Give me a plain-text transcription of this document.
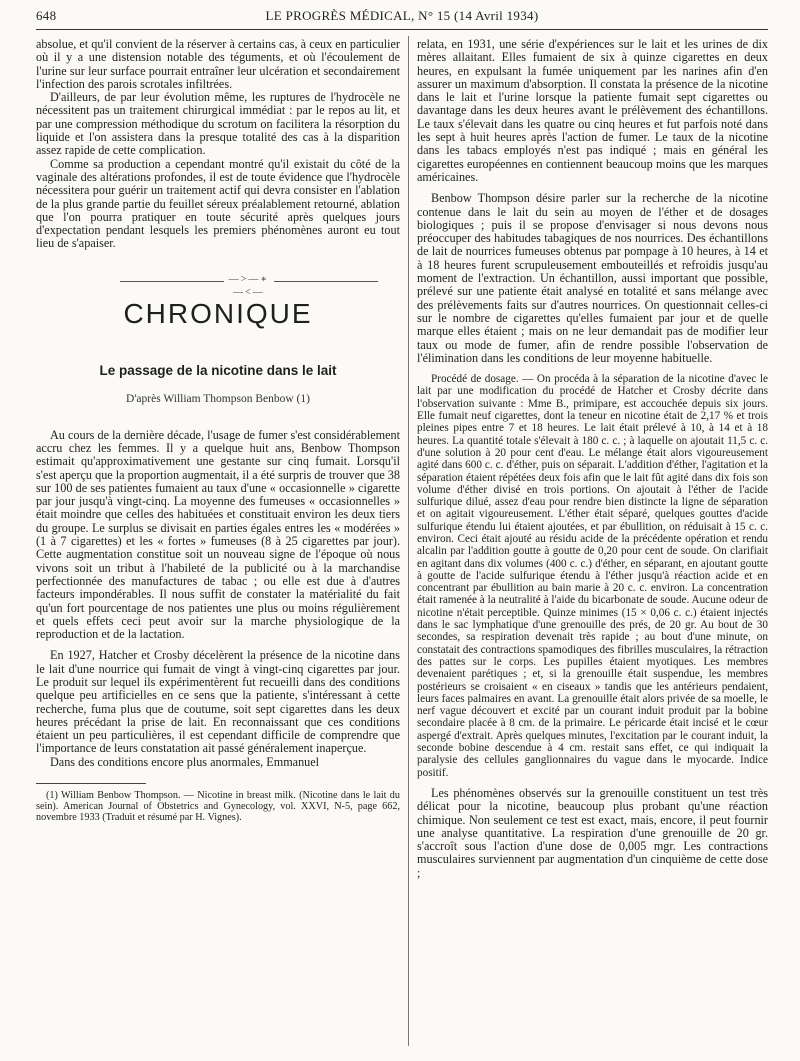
648	LE PROGRÈS MÉDICAL, N° 15 (14 Avril 1934)

absolue, et qu'il convient de la réserver à certains cas, à ceux en particulier où il y a une distension notable des téguments, et où l'écoulement de l'urine sur leur surface pourrait entraîner leur ulcération et secondairement l'infection des parois scrotales infiltrées.

D'ailleurs, de par leur évolution même, les ruptures de l'hydrocèle ne nécessitent pas un traitement chirurgical immédiat : par le repos au lit, et par une compression méthodique du scrotum on facilitera la résorption du liquide et l'on assistera dans la presque totalité des cas à la disparition assez rapide de cette complication.

Comme sa production a cependant montré qu'il existait du côté de la vaginale des altérations profondes, il est de toute évidence que l'hydrocèle nécessitera pour guérir un traitement actif qui devra consister en l'ablation de la plus grande partie du feuillet séreux préalablement retourné, ablation que l'on pourra pratiquer en toute sécurité après quelques jours d'expectation pendant lesquels les premiers phénomènes auront eu tout lieu de s'apaiser.

—>—∗—<—

CHRONIQUE

Le passage de la nicotine dans le lait

D'après William Thompson Benbow (1)

Au cours de la dernière décade, l'usage de fumer s'est considérablement accru chez les femmes. Il y a quelque huit ans, Benbow Thompson estimait qu'approximativement une gestante sur cinq fumait. Lorsqu'il s'est aperçu que la proportion augmentait, il a été surpris de trouver que 38 sur 100 de ses patientes fumaient au taux d'une « occasionnelle » cigarette par jour jusqu'à vingt-cinq. La moyenne des fumeuses « occasionnelles » était moindre que celles des habituées et constituait environ les deux tiers du groupe. Le surplus se divisait en parties égales entres les « modérées » (1 à 7 cigarettes) et les « fortes » fumeuses (8 à 25 cigarettes par jour). Cette augmentation constitue soit un nouveau signe de l'époque où nous vivons soit un tribut à l'habileté de la publicité ou à la marchandise perfectionnée des manufactures de tabac ; ou elle est due à d'autres facteurs impondérables. Il nous suffit de constater la matérialité du fait qu'un fort pourcentage de nos patientes une plus ou moins régulièrement et quels effets ceci peut avoir sur la marche physiologique de la reproduction et de la lactation.

En 1927, Hatcher et Crosby décelèrent la présence de la nicotine dans le lait d'une nourrice qui fumait de vingt à vingt-cinq cigarettes par jour. Le produit sur lequel ils expérimentèrent fut recueilli dans des conditions quelque peu artificielles en ce sens que la patiente, s'intéressant à cette recherche, fuma plus que de coutume, soit sept cigarettes dans les deux heures précédant la prise de lait. En reconnaissant que ces conditions étaient un peu particulières, il est cependant difficile de comprendre que l'importance de leurs constatation ait passé généralement inaperçue.

Dans des conditions encore plus anormales, Emmanuel

(1) William Benbow Thompson. — Nicotine in breast milk. (Nicotine dans le lait du sein). American Journal of Obstetrics and Gynecology, vol. XXVI, N-5, page 662, novembre 1933 (Traduit et résumé par H. Vignes).

relata, en 1931, une série d'expériences sur le lait et les urines de dix mères allaitant. Elles fumaient de six à quinze cigarettes en deux heures, en expulsant la fumée uniquement par les narines afin d'en assurer un maximum d'absorption. Il constata la présence de la nicotine dans le lait et l'urine lorsque la patiente fumait sept cigarettes ou davantage dans les deux heures avant le prélèvement des échantillons. Le taux s'élevait dans les quatre ou cinq heures et fut parfois noté dans les sept à huit heures après l'action de fumer. Le taux de la nicotine dans les tabacs employés n'est pas indiqué ; mais en général les cigarettes européennes en contiennent beaucoup moins que les marques américaines.

Benbow Thompson désire parler sur la recherche de la nicotine contenue dans le lait du sein au moyen de l'éther et de dosages biologiques ; puis il se propose d'envisager si nous devons nous préoccuper des habitudes tabagiques de nos nourrices. Des échantillons de lait de nourrices fumeuses obtenus par pompage à 10 heures, à 14 et à 18 heures furent scrupuleusement embouteillés et refroidis jusqu'au moment de l'extraction. Un échantillon, aussi important que possible, prélevé sur une patiente était analysé en totalité et sans mélange avec des prélèvements faits sur d'autres nourrices. On questionnait celles-ci sur le nombre de cigarettes qu'elles fumaient par jour et de quelle marque elles étaient ; mais on ne leur demandait pas de modifier leur taux ou mode de fumer, afin de rendre possible l'observation de l'élimination dans les conditions de leur moyenne habituelle.

Procédé de dosage. — On procéda à la séparation de la nicotine d'avec le lait par une modification du procédé de Hatcher et Crosby décrite dans l'observation suivante : Mme B., primipare, est accouchée depuis six jours. Elle fumait neuf cigarettes, dont la teneur en nicotine était de 2,17 % et trois pleines pipes entre 7 et 18 heures. Le lait était prélevé à 10, à 14 et à 18 heures. La quantité totale s'élevait à 180 c. c. ; à laquelle on ajoutait 11,5 c. c. d'une solution à 20 pour cent d'eau. Le mélange était alors vigoureusement agité dans 600 c. c. d'éther, puis on séparait. L'addition d'éther, l'agitation et la séparation étaient répétées deux fois afin que le lait fût agité dans dix fois son volume d'éther divisé en trois portions. On ajoutait à l'éther de l'acide sulfurique dilué, assez d'eau pour rendre bien distincte la ligne de séparation et on agitait vigoureusement. L'éther était séparé, quelques gouttes d'acide sulfurique étendu lui étaient ajoutées, et par ébullition, on réduisait à 15 c. c. environ. Ceci était ajouté au résidu acide de la précédente opération et rendu alcalin par l'addition goutte à goutte de 0,20 pour cent de soude. On clarifiait en agitant dans dix volumes (400 c. c.) d'éther, en séparant, en ajoutant goutte à goutte de l'acide sulfurique étendu à l'éther jusqu'à réaction acide et en concentrant par ébullition au bain marie à 20 c. c. environ. La concentration était ramenée à la neutralité à l'aide du bicarbonate de soude. Aucune odeur de nicotine n'était perceptible. Quinze minimes (15 × 0,06 c. c.) étaient injectés dans le sac lymphatique d'une grenouille des prés, de 20 gr. Au bout de 30 secondes, sa respiration devenait très rapide ; au bout d'une minute, on constatait des contractions spamodiques des fibrilles musculaires, la rétraction des pattes sur le corps. Les pupilles étaient myotiques. Les membres devenaient parétiques ; et, si la grenouille était suspendue, les membres postérieurs se croisaient « en ciseaux » tandis que les antérieurs pendaient, leurs faces palmaires en avant. La grenouille était alors privée de sa moelle, le nerf vague découvert et excité par un courant induit produit par la bobine secondaire placée à 8 cm. de la primaire. Le péricarde était incisé et le cœur aspergé d'extrait. Après quelques minutes, l'excitation par le courant induit, la seconde bobine descendue à 4 cm. restait sans effet, ce qui indiquait la paralysie des cellules ganglionnaires du vague dans le myocarde. Indice positif.

Les phénomènes observés sur la grenouille constituent un test très délicat pour la nicotine, beaucoup plus probant qu'une réaction chimique. Non seulement ce test est exact, mais, encore, il peut fournir une analyse quantitative. La respiration d'une grenouille de 20 gr. s'accroît sous l'action d'une dose de 0,005 mgr. Les contractions musculaires surviennent par augmentation d'un cinquième de cette dose ;
